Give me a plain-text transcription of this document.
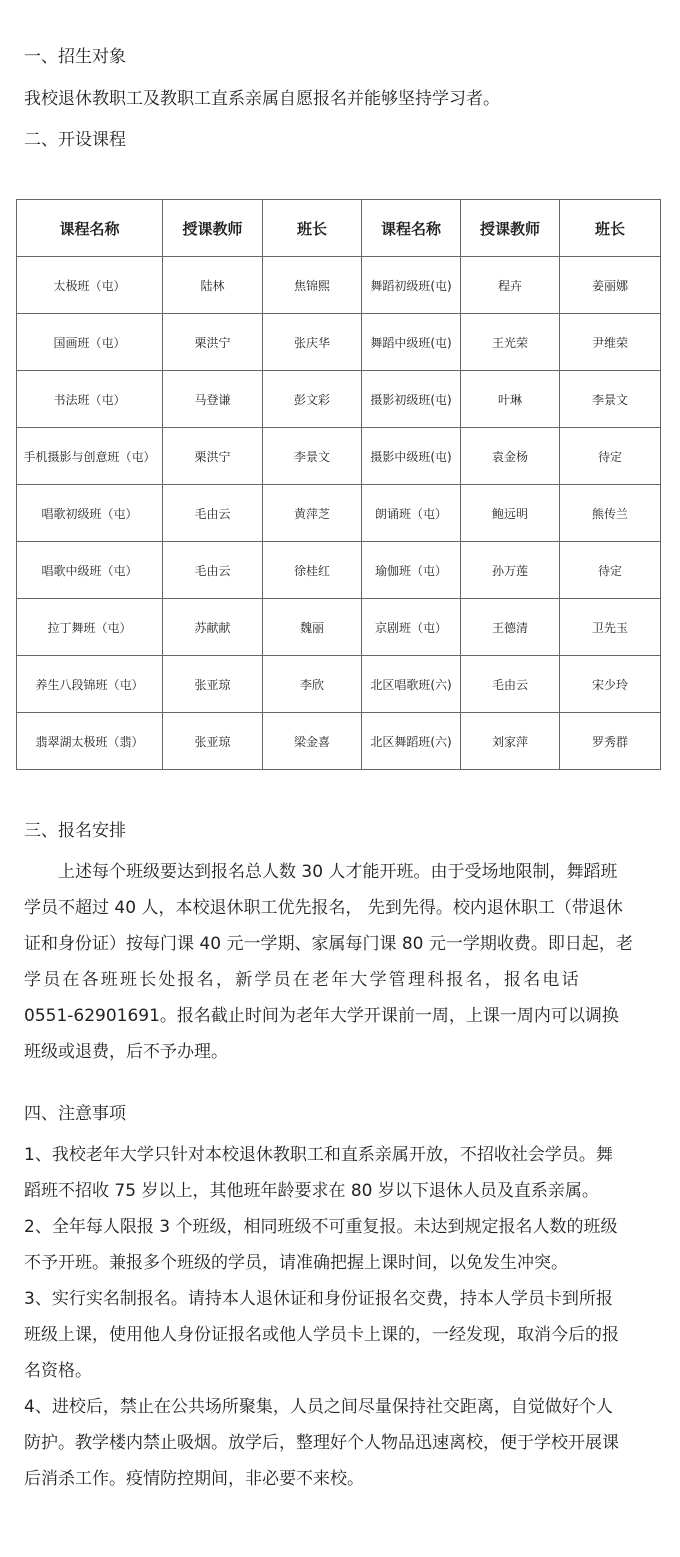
一、招生对象
我校退休教职工及教职工直系亲属自愿报名并能够坚持学习者。
二、开设课程
课程名称	授课教师	班长	课程名称	授课教师	班长
太极班（屯）	陆林	焦锦熙	舞蹈初级班(屯)	程卉	姜丽娜
国画班（屯）	栗洪宁	张庆华	舞蹈中级班(屯)	王光荣	尹维荣
书法班（屯）	马登谦	彭文彩	摄影初级班(屯)	叶琳	李景文
手机摄影与创意班（屯）	栗洪宁	李景文	摄影中级班(屯)	袁金杨	待定
唱歌初级班（屯）	毛由云	黄萍芝	朗诵班（屯）	鲍远明	熊传兰
唱歌中级班（屯）	毛由云	徐桂红	瑜伽班（屯）	孙万莲	待定
拉丁舞班（屯）	苏献献	魏丽	京剧班（屯）	王德清	卫先玉
养生八段锦班（屯）	张亚琼	李欣	北区唱歌班(六)	毛由云	宋少玲
翡翠湖太极班（翡）	张亚琼	梁金喜	北区舞蹈班(六)	刘家萍	罗秀群
三、报名安排
　　上述每个班级要达到报名总人数 30 人才能开班。由于受场地限制，舞蹈班
学员不超过 40 人，本校退休职工优先报名， 先到先得。校内退休职工（带退休
证和身份证）按每门课 40 元一学期、家属每门课 80 元一学期收费。即日起，老
学员在各班班长处报名，新学员在老年大学管理科报名，报名电话
0551-62901691。报名截止时间为老年大学开课前一周，上课一周内可以调换
班级或退费，后不予办理。
四、注意事项
1、我校老年大学只针对本校退休教职工和直系亲属开放，不招收社会学员。舞
蹈班不招收 75 岁以上，其他班年龄要求在 80 岁以下退休人员及直系亲属。
2、全年每人限报 3 个班级，相同班级不可重复报。未达到规定报名人数的班级
不予开班。兼报多个班级的学员，请准确把握上课时间，以免发生冲突。
3、实行实名制报名。请持本人退休证和身份证报名交费，持本人学员卡到所报
班级上课，使用他人身份证报名或他人学员卡上课的，一经发现，取消今后的报
名资格。
4、进校后，禁止在公共场所聚集，人员之间尽量保持社交距离，自觉做好个人
防护。教学楼内禁止吸烟。放学后，整理好个人物品迅速离校，便于学校开展课
后消杀工作。疫情防控期间，非必要不来校。
